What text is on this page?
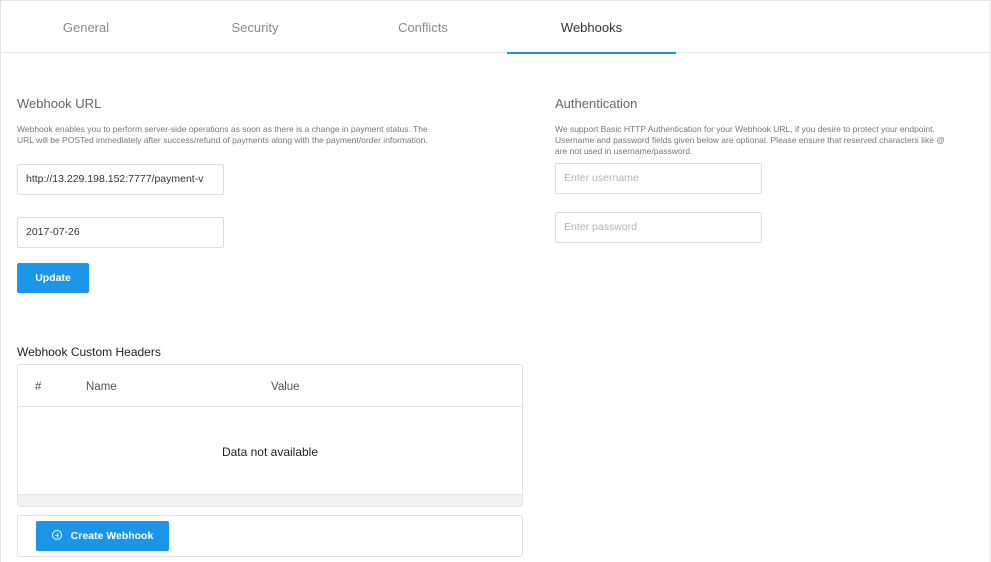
General	Security	Conflicts	Webhooks
Webhook URL
Webhook enables you to perform server-side operations as soon as there is a change in payment status. The
URL will be POSTed immediately after success/refund of payments along with the payment/order information.
http://13.229.198.152:7777/payment-v
2017-07-26
Update
Authentication
We support Basic HTTP Authentication for your Webhook URL, if you desire to protect your endpoint.
Username and password fields given below are optional. Please ensure that reserved characters like @
are not used in username/password.
Enter username
Enter password
Webhook Custom Headers
#	Name	Value
Data not available
Create Webhook
